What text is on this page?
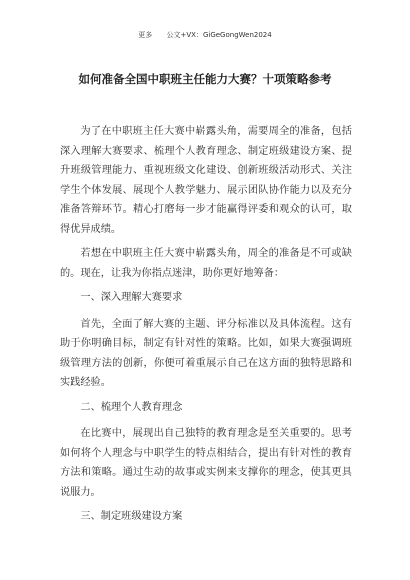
更多 公文+VX：GiGeGongWen2024
如何准备全国中职班主任能力大赛？十项策略参考

为了在中职班主任大赛中崭露头角，需要周全的准备，包括深入理解大赛要求、梳理个人教育理念、制定班级建设方案、提升班级管理能力、重视班级文化建设、创新班级活动形式、关注学生个体发展、展现个人教学魅力、展示团队协作能力以及充分准备答辩环节。精心打磨每一步才能赢得评委和观众的认可，取得优异成绩。

若想在中职班主任大赛中崭露头角，周全的准备是不可或缺的。现在，让我为你指点迷津，助你更好地筹备：

一、深入理解大赛要求

首先，全面了解大赛的主题、评分标准以及具体流程。这有助于你明确目标，制定有针对性的策略。比如，如果大赛强调班级管理方法的创新，你便可着重展示自己在这方面的独特思路和实践经验。

二、梳理个人教育理念

在比赛中，展现出自己独特的教育理念是至关重要的。思考如何将个人理念与中职学生的特点相结合，提出有针对性的教育方法和策略。通过生动的故事或实例来支撑你的理念，使其更具说服力。

三、制定班级建设方案
